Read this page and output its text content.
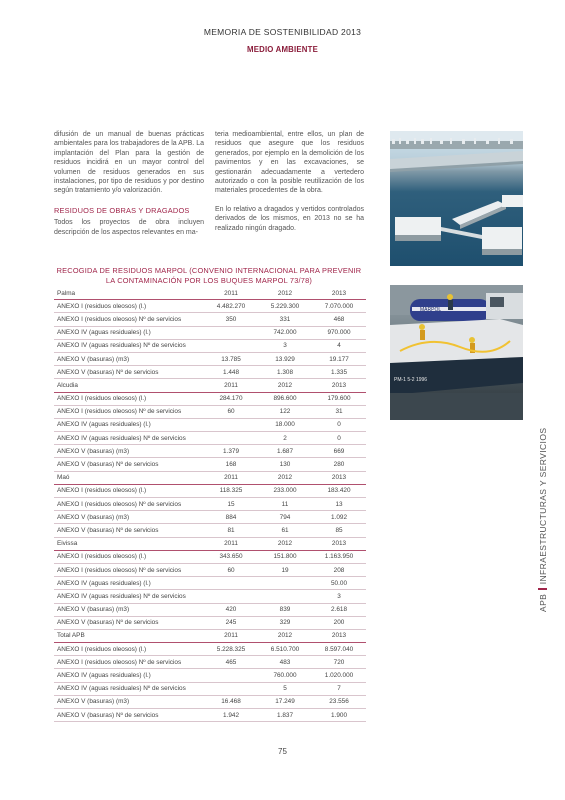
MEMORIA DE SOSTENIBILIDAD 2013
MEDIO AMBIENTE

difusión de un manual de buenas prácticas ambientales para los trabajadores de la APB. La implantación del Plan para la gestión de residuos incidirá en un mayor control del volumen de residuos generados en sus instalaciones, por tipo de residuos y por destino según tratamiento y/o valorización.

RESIDUOS DE OBRAS Y DRAGADOS

Todos los proyectos de obra incluyen descripción de los aspectos relevantes en ma-

teria medioambiental, entre ellos, un plan de residuos que asegure que los residuos generados, por ejemplo en la demolición de los pavimentos y en las excavaciones, se gestionarán adecuadamente a vertedero autorizado o con la posible reutilización de los materiales procedentes de la obra.

En lo relativo a dragados y vertidos controlados derivados de los mismos, en 2013 no se ha realizado ningún dragado.

MARPOL
PM-1 5-2 1996
RECOGIDA DE RESIDUOS MARPOL (CONVENIO INTERNACIONAL PARA PREVENIR LA CONTAMINACIÓN POR LOS BUQUES MARPOL 73/78)
Palma	2011	2012	2013
ANEXO I (residuos oleosos) (l.)	4.482.270	5.229.300	7.070.000
ANEXO I (residuos oleosos) Nº de servicios	350	331	468
ANEXO IV (aguas residuales) (l.)		742.000	970.000
ANEXO IV (aguas residuales) Nº de servicios		3	4
ANEXO V (basuras) (m3)	13.785	13.929	19.177
ANEXO V (basuras) Nº de servicios	1.448	1.308	1.335
Alcudia	2011	2012	2013
ANEXO I (residuos oleosos) (l.)	284.170	896.600	179.600
ANEXO I (residuos oleosos) Nº de servicios	60	122	31
ANEXO IV (aguas residuales) (l.)		18.000	0
ANEXO IV (aguas residuales) Nº de servicios		2	0
ANEXO V (basuras) (m3)	1.379	1.687	669
ANEXO V (basuras) Nº de servicios	168	130	280
Maó	2011	2012	2013
ANEXO I (residuos oleosos) (l.)	118.325	233.000	183.420
ANEXO I (residuos oleosos) Nº de servicios	15	11	13
ANEXO V (basuras) (m3)	884	794	1.092
ANEXO V (basuras) Nº de servicios	81	61	85
Eivissa	2011	2012	2013
ANEXO I (residuos oleosos) (l.)	343.650	151.800	1.163.950
ANEXO I (residuos oleosos) Nº de servicios	60	19	208
ANEXO IV (aguas residuales) (l.)			50.00
ANEXO IV (aguas residuales) Nº de servicios			3
ANEXO V (basuras) (m3)	420	839	2.618
ANEXO V (basuras) Nº de servicios	245	329	200
Total APB	2011	2012	2013
ANEXO I (residuos oleosos) (l.)	5.228.325	6.510.700	8.597.040
ANEXO I (residuos oleosos) Nº de servicios	465	483	720
ANEXO IV (aguas residuales) (l.)		760.000	1.020.000
ANEXO IV (aguas residuales) Nº de servicios		5	7
ANEXO V (basuras) (m3)	16.468	17.249	23.556
ANEXO V (basuras) Nº de servicios	1.942	1.837	1.900
APBINFRAESTRUCTURAS Y SERVICIOS
75
